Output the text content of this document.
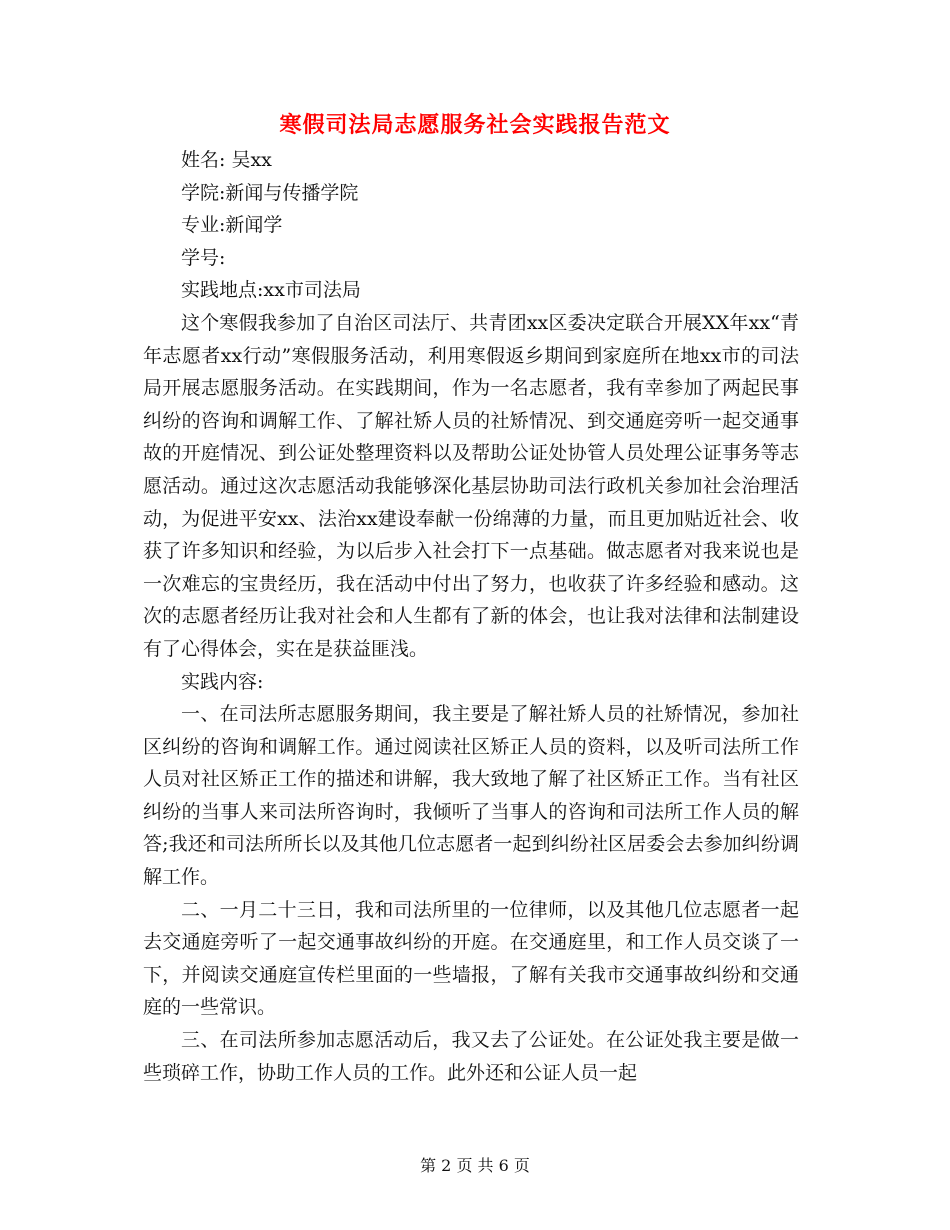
寒假司法局志愿服务社会实践报告范文

姓名: 吴xx

学院:新闻与传播学院

专业:新闻学

学号:

实践地点:xx市司法局

这个寒假我参加了自治区司法厅、共青团xx区委决定联合开展XX年xx“青年志愿者xx行动”寒假服务活动，利用寒假返乡期间到家庭所在地xx市的司法局开展志愿服务活动。在实践期间，作为一名志愿者，我有幸参加了两起民事纠纷的咨询和调解工作、了解社矫人员的社矫情况、到交通庭旁听一起交通事故的开庭情况、到公证处整理资料以及帮助公证处协管人员处理公证事务等志愿活动。通过这次志愿活动我能够深化基层协助司法行政机关参加社会治理活动，为促进平安xx、法治xx建设奉献一份绵薄的力量，而且更加贴近社会、收获了许多知识和经验，为以后步入社会打下一点基础。做志愿者对我来说也是一次难忘的宝贵经历，我在活动中付出了努力，也收获了许多经验和感动。这次的志愿者经历让我对社会和人生都有了新的体会，也让我对法律和法制建设有了心得体会，实在是获益匪浅。

实践内容:

一、在司法所志愿服务期间，我主要是了解社矫人员的社矫情况，参加社区纠纷的咨询和调解工作。通过阅读社区矫正人员的资料，以及听司法所工作人员对社区矫正工作的描述和讲解，我大致地了解了社区矫正工作。当有社区纠纷的当事人来司法所咨询时，我倾听了当事人的咨询和司法所工作人员的解答;我还和司法所所长以及其他几位志愿者一起到纠纷社区居委会去参加纠纷调解工作。

二、一月二十三日，我和司法所里的一位律师，以及其他几位志愿者一起去交通庭旁听了一起交通事故纠纷的开庭。在交通庭里，和工作人员交谈了一下，并阅读交通庭宣传栏里面的一些墙报，了解有关我市交通事故纠纷和交通庭的一些常识。

三、在司法所参加志愿活动后，我又去了公证处。在公证处我主要是做一些琐碎工作，协助工作人员的工作。此外还和公证人员一起

第 2 页 共 6 页
